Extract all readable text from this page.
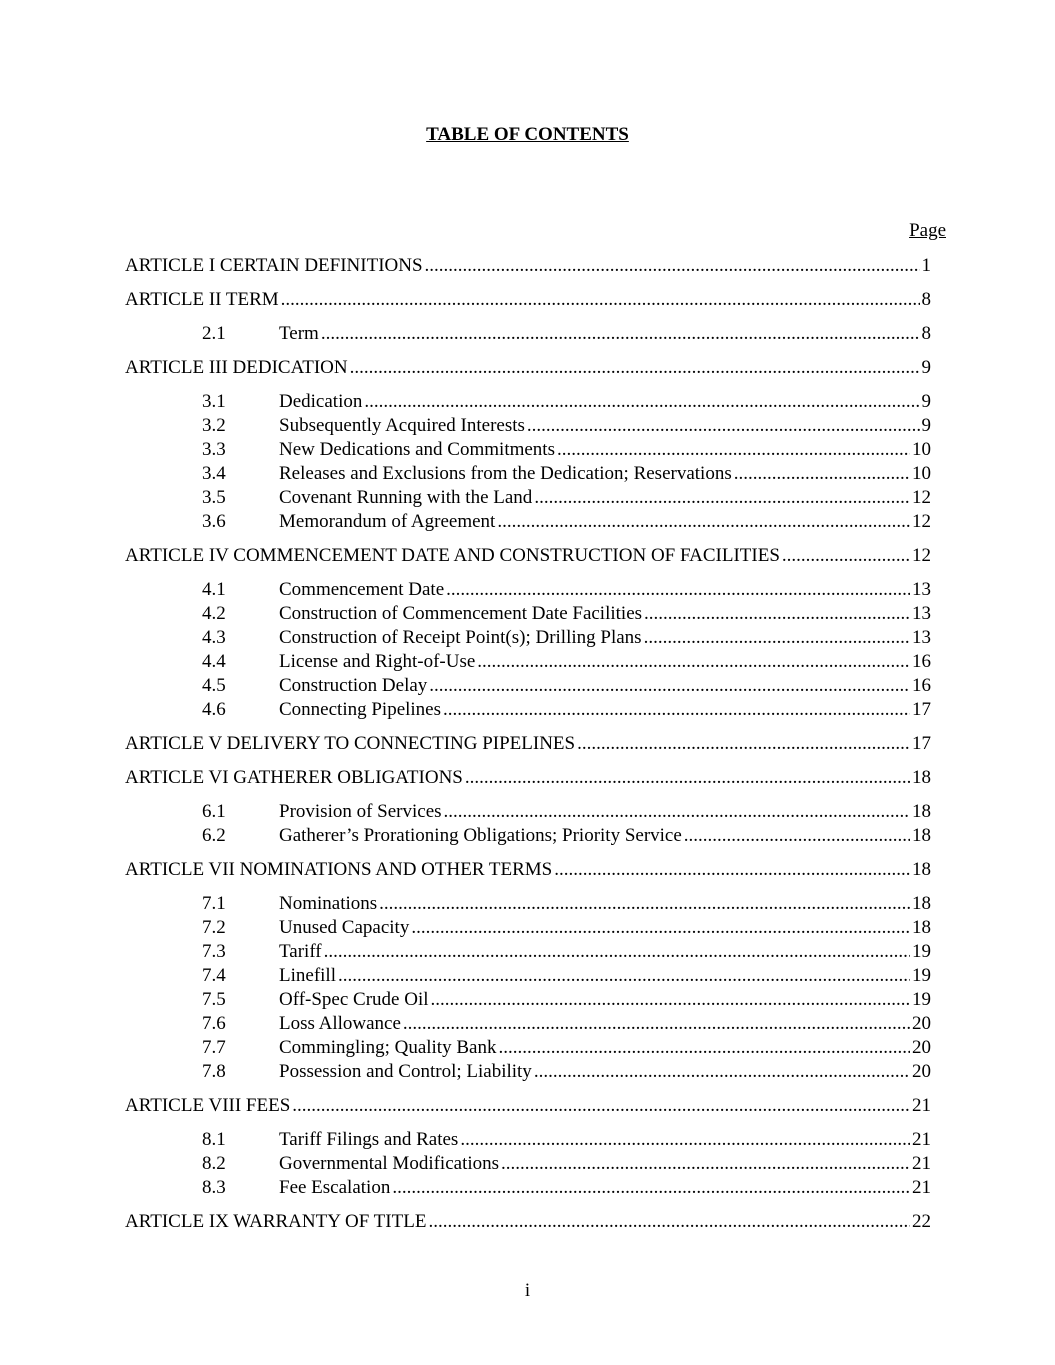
TABLE OF CONTENTS
Page
ARTICLE I CERTAIN DEFINITIONS .....	1
ARTICLE II TERM .....	8
2.1	Term .....	8
ARTICLE III DEDICATION .....	9
3.1	Dedication .....	9
3.2	Subsequently Acquired Interests .....	9
3.3	New Dedications and Commitments .....	10
3.4	Releases and Exclusions from the Dedication; Reservations .....	10
3.5	Covenant Running with the Land .....	12
3.6	Memorandum of Agreement .....	12
ARTICLE IV COMMENCEMENT DATE AND CONSTRUCTION OF FACILITIES .....	12
4.1	Commencement Date .....	13
4.2	Construction of Commencement Date Facilities .....	13
4.3	Construction of Receipt Point(s); Drilling Plans .....	13
4.4	License and Right-of-Use .....	16
4.5	Construction Delay .....	16
4.6	Connecting Pipelines .....	17
ARTICLE V DELIVERY TO CONNECTING PIPELINES .....	17
ARTICLE VI GATHERER OBLIGATIONS .....	18
6.1	Provision of Services .....	18
6.2	Gatherer’s Prorationing Obligations; Priority Service .....	18
ARTICLE VII NOMINATIONS AND OTHER TERMS .....	18
7.1	Nominations .....	18
7.2	Unused Capacity .....	18
7.3	Tariff .....	19
7.4	Linefill .....	19
7.5	Off-Spec Crude Oil .....	19
7.6	Loss Allowance .....	20
7.7	Commingling; Quality Bank .....	20
7.8	Possession and Control; Liability .....	20
ARTICLE VIII FEES .....	21
8.1	Tariff Filings and Rates .....	21
8.2	Governmental Modifications .....	21
8.3	Fee Escalation .....	21
ARTICLE IX WARRANTY OF TITLE .....	22
i
